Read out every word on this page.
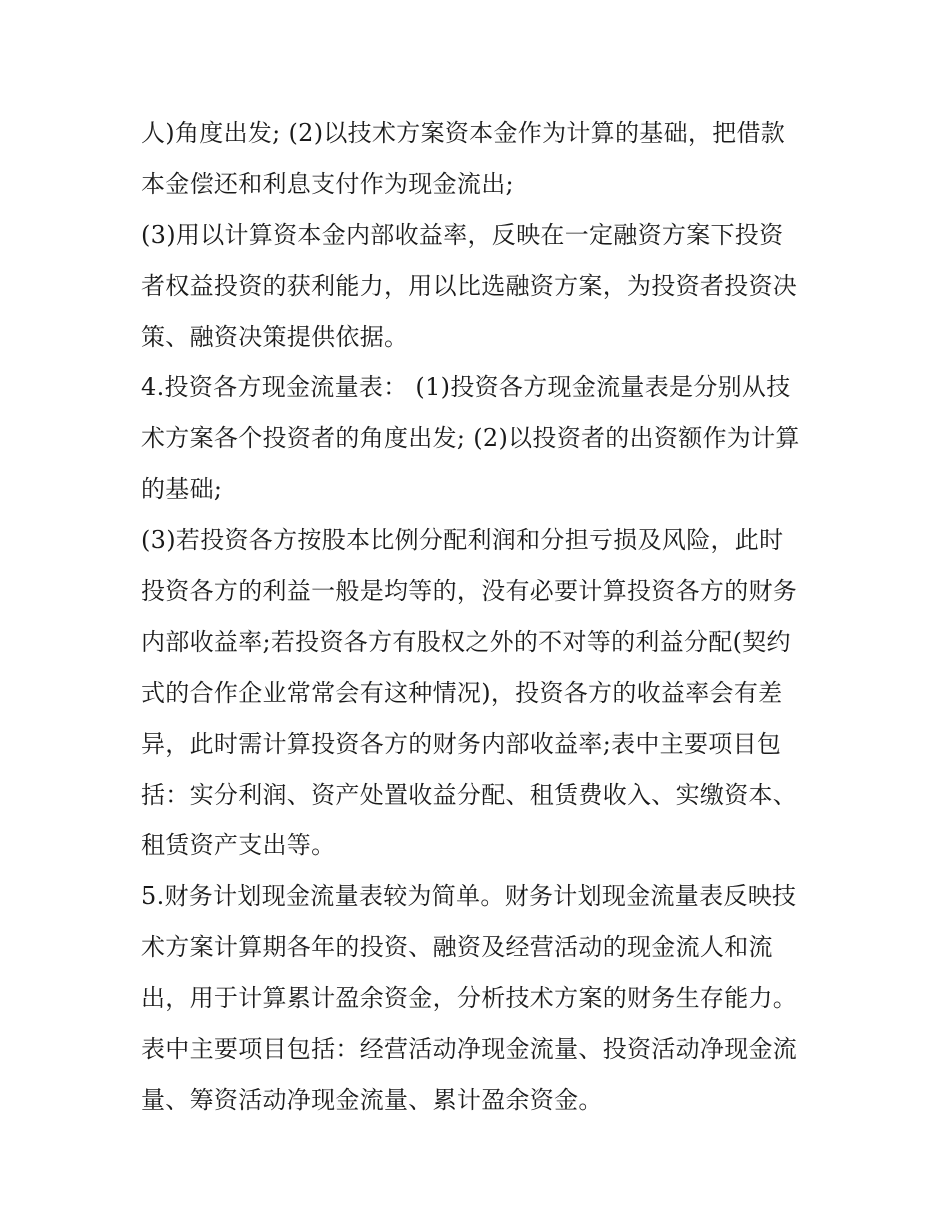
人)角度出发; (2)以技术方案资本金作为计算的基础，把借款
本金偿还和利息支付作为现金流出;
(3)用以计算资本金内部收益率，反映在一定融资方案下投资
者权益投资的获利能力，用以比选融资方案，为投资者投资决
策、融资决策提供依据。
4.投资各方现金流量表： (1)投资各方现金流量表是分别从技
术方案各个投资者的角度出发; (2)以投资者的出资额作为计算
的基础;
(3)若投资各方按股本比例分配利润和分担亏损及风险，此时
投资各方的利益一般是均等的，没有必要计算投资各方的财务
内部收益率;若投资各方有股权之外的不对等的利益分配(契约
式的合作企业常常会有这种情况)，投资各方的收益率会有差
异，此时需计算投资各方的财务内部收益率;表中主要项目包
括：实分利润、资产处置收益分配、租赁费收入、实缴资本、
租赁资产支出等。
5.财务计划现金流量表较为简单。财务计划现金流量表反映技
术方案计算期各年的投资、融资及经营活动的现金流人和流
出，用于计算累计盈余资金，分析技术方案的财务生存能力。
表中主要项目包括：经营活动净现金流量、投资活动净现金流
量、筹资活动净现金流量、累计盈余资金。
